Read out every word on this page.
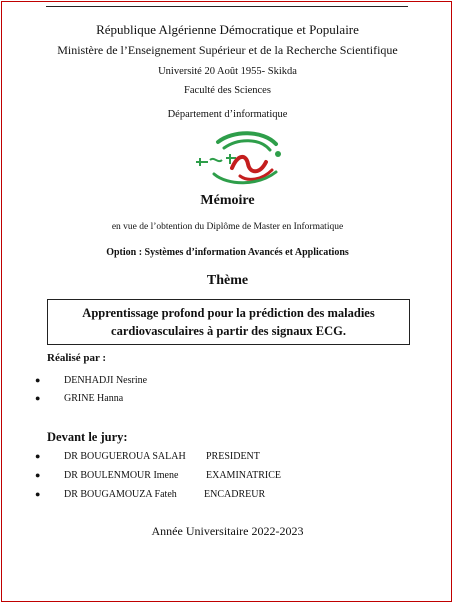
République Algérienne Démocratique et Populaire
Ministère de l’Enseignement Supérieur et de la Recherche Scientifique
Université 20 Août 1955- Skikda
Faculté des Sciences
Département d’informatique
Mémoire
en vue de l’obtention du Diplôme de Master en Informatique
Option : Systèmes d’information Avancés et Applications
Thème
Apprentissage profond pour la prédiction des maladies cardiovasculaires à partir des signaux ECG.
Réalisé par :
● DENHADJI Nesrine
● GRINE Hanna
Devant le jury:
● DR BOUGUEROUA SALAH PRESIDENT
● DR BOULENMOUR Imene	EXAMINATRICE
● DR BOUGAMOUZA Fateh	ENCADREUR
Année Universitaire 2022-2023
